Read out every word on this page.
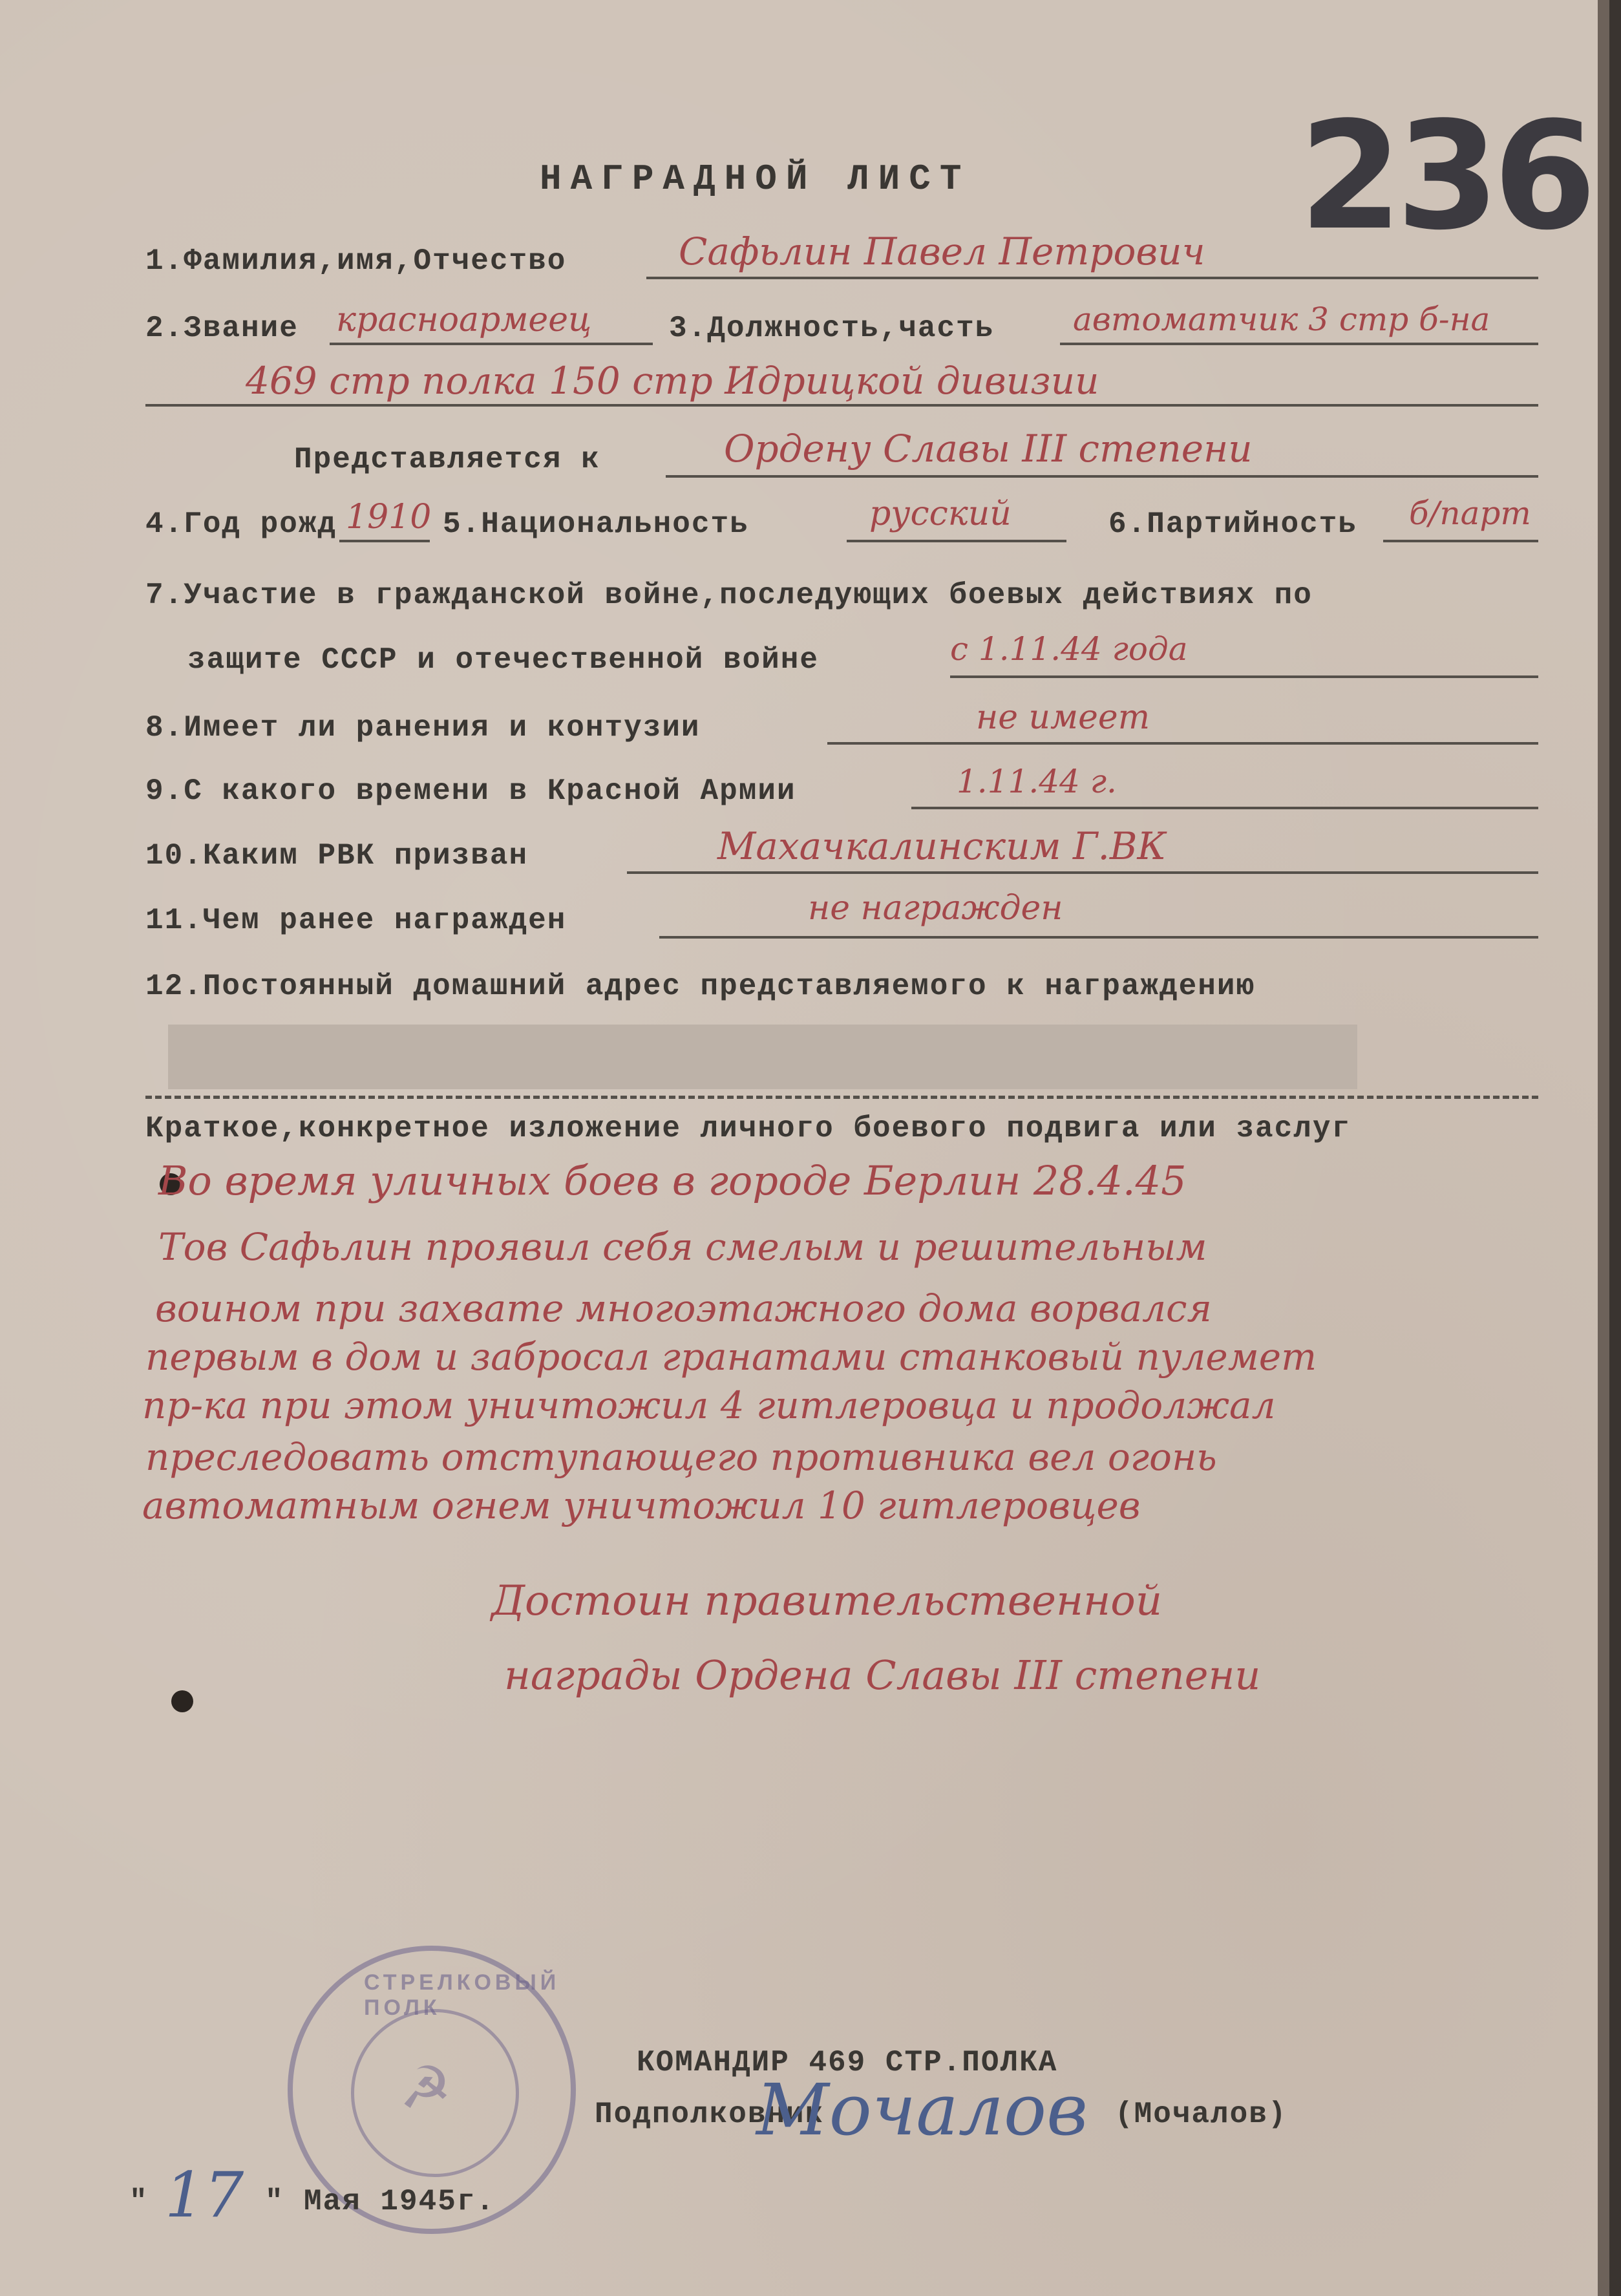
НАГРАДНОЙ ЛИСТ 236
1.Фамилия,имя,Отчество	Сафьлин Павел Петрович
2.Звание красноармеец	3.Должность,часть автоматчик 3 стр б-на
469 стр полка 150 стр Идрицкой дивизии
Представляется к	Ордену Славы III степени
4.Год рожд 1910 5.Национальность	русский	6.Партийность б/парт
7.Участие в гражданской войне,последующих боевых действиях по
защите СССР и отечественной войне	с 1.11.44 года
8.Имеет ли ранения и контузии	не имеет
9.С какого времени в Красной Армии	1.11.44 г.
10.Каким РВК призван	Махачкалинским Г.ВК
11.Чем ранее награжден	не награжден
12.Постоянный домашний адрес представляемого к награждению
Краткое,конкретное изложение личного боевого подвига или заслуг
Во время уличных боев в городе Берлин 28.4.45
Тов Сафьлин проявил себя смелым и решительным
воином при захвате многоэтажного дома ворвался
первым в дом и забросал гранатами станковый пулемет
пр-ка при этом уничтожил 4 гитлеровца и продолжал
преследовать отступающего противника вел огонь
автоматным огнем уничтожил 10 гитлеровцев
Достоин правительственной
награды Ордена Славы III степени
☭
СТРЕЛКОВЫЙ ПОЛК
КОМАНДИР 469 СТР.ПОЛКА
Подполковник
Мочалов (Мочалов)
" 17 " Мая 1945г.
